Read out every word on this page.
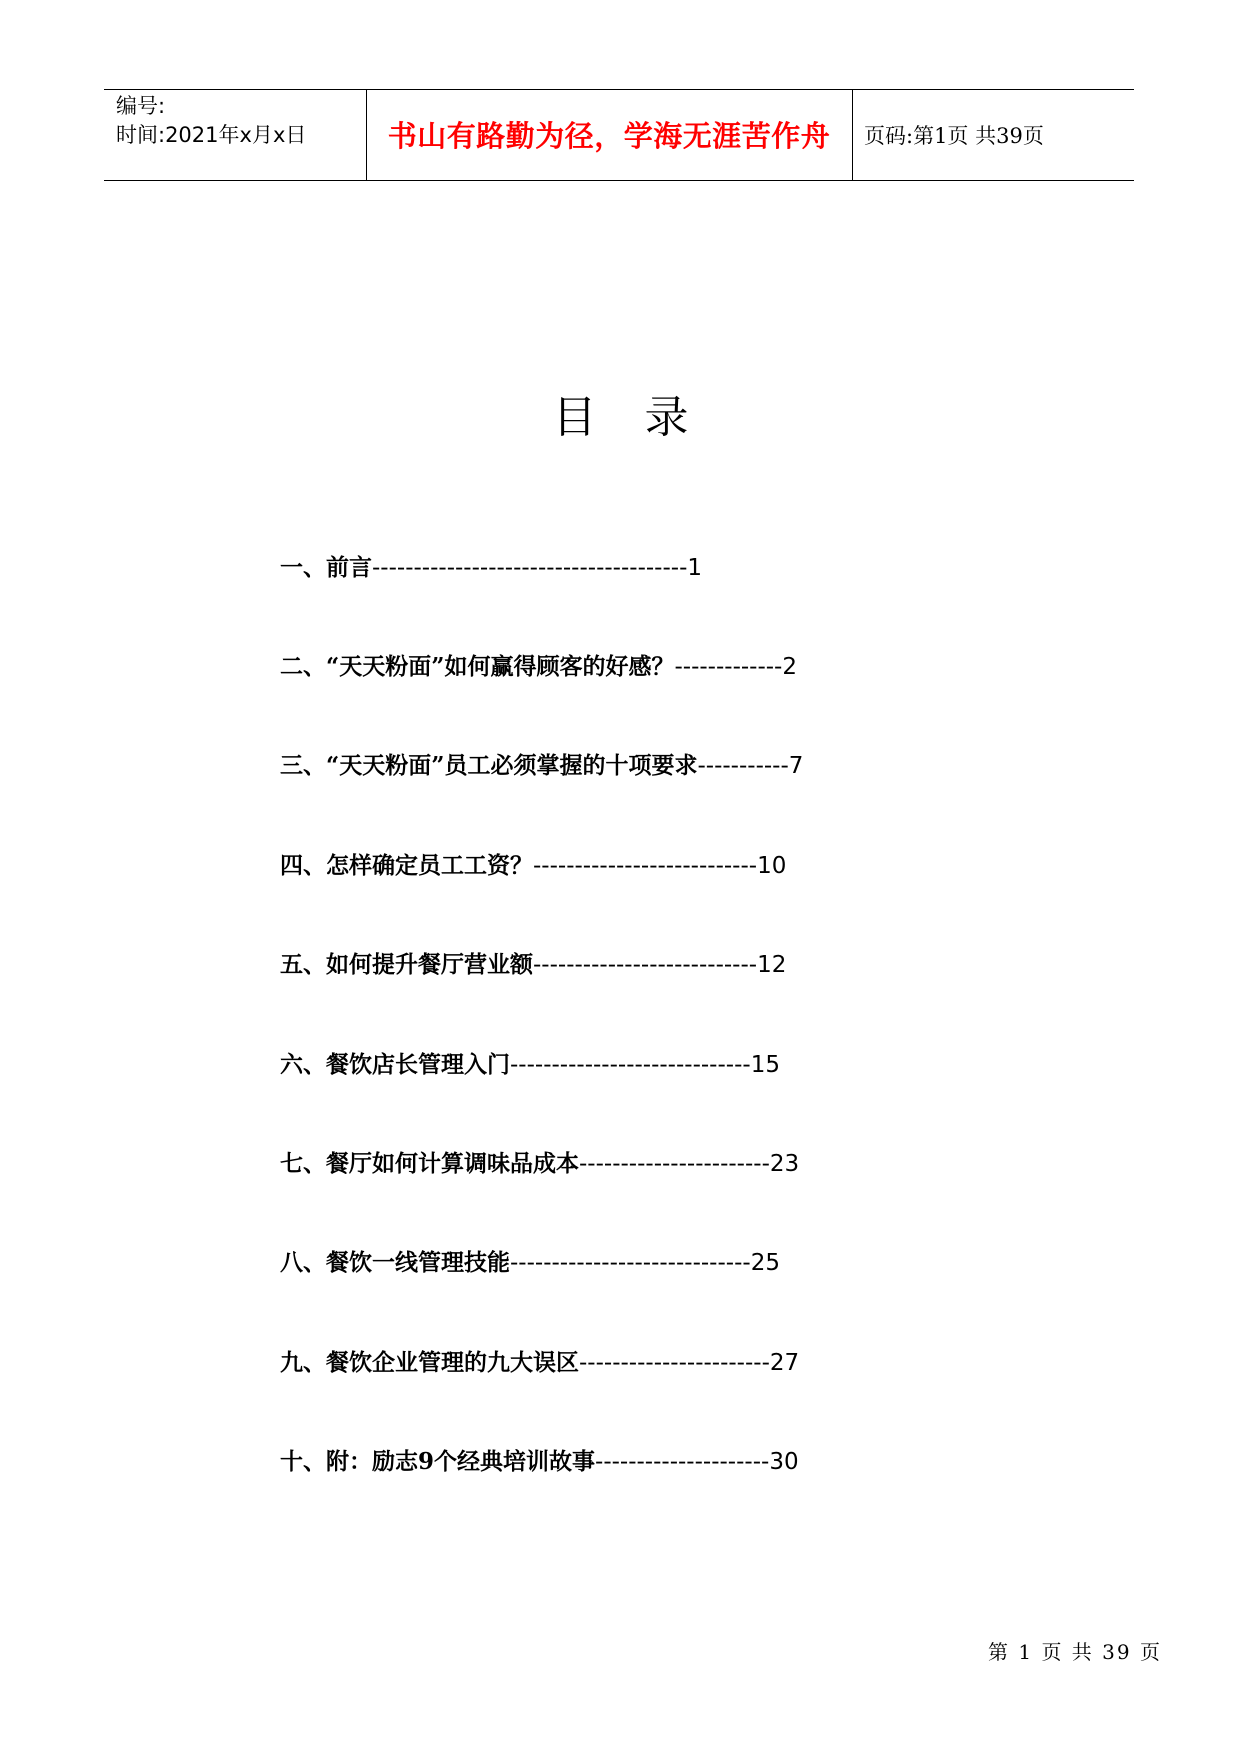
编号:
时间:2021年x月x日	书山有路勤为径，学海无涯苦作舟	页码:第1页 共39页
目录
一、前言 -------------------------------------- 1
二、“天天粉面”如何赢得顾客的好感？ ------------- 2
三、“天天粉面”员工必须掌握的十项要求 ----------- 7
四、怎样确定员工工资？ --------------------------- 10
五、如何提升餐厅营业额 --------------------------- 12
六、餐饮店长管理入门 ----------------------------- 15
七、餐厅如何计算调味品成本 ----------------------- 23
八、餐饮一线管理技能 ----------------------------- 25
九、餐饮企业管理的九大误区 ----------------------- 27
十、附：励志9个经典培训故事 --------------------- 30
第 1 页 共 39 页
